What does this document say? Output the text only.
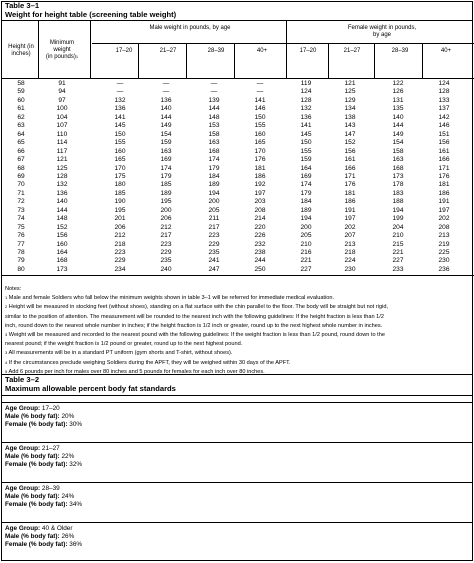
Table 3–1
Weight for height table (screening table weight)
Height (in
inches)
Minimum
weight
(in pounds)$^1$
Male weight in pounds, by age	Female weight in pounds,
by age
17–20	21–27	28–39	40+	17–20	21–27	28–39	40+
58	91	—	—	—	—	119	121	122	124
59	94	—	—	—	—	124	125	126	128
60	97	132	136	139	141	128	129	131	133
61	100	136	140	144	146	132	134	135	137
62	104	141	144	148	150	136	138	140	142
63	107	145	149	153	155	141	143	144	146
64	110	150	154	158	160	145	147	149	151
65	114	155	159	163	165	150	152	154	156
66	117	160	163	168	170	155	156	158	161
67	121	165	169	174	176	159	161	163	166
68	125	170	174	179	181	164	166	168	171
69	128	175	179	184	186	169	171	173	176
70	132	180	185	189	192	174	176	178	181
71	136	185	189	194	197	179	181	183	186
72	140	190	195	200	203	184	186	188	191
73	144	195	200	205	208	189	191	194	197
74	148	201	206	211	214	194	197	199	202
75	152	206	212	217	220	200	202	204	208
76	156	212	217	223	226	205	207	210	213
77	160	218	223	229	232	210	213	215	219
78	164	223	229	235	238	216	218	221	225
79	168	229	235	241	244	221	224	227	230
80	173	234	240	247	250	227	230	233	236
Notes:
$^1$ Male and female Soldiers who fall below the minimum weights shown in table 3–1 will be referred for immediate medical evaluation.
$^2$ Height will be measured in stocking feet (without shoes), standing on a flat surface with the chin parallel to the floor. The body will be straight but not rigid,
similar to the position of attention. The measurement will be rounded to the nearest inch with the following guidelines: If the height fraction is less than 1/2
inch, round down to the nearest whole number in inches; if the height fraction is 1/2 inch or greater, round up to the next highest whole number in inches.
$^3$ Weight will be measured and recorded to the nearest pound with the following guidelines: If the weight fraction is less than 1/2 pound, round down to the
nearest pound; if the weight fraction is 1/2 pound or greater, round up to the next highest pound.
$^3$ All measurements will be in a standard PT uniform (gym shorts and T-shirt, without shoes).
$^4$ If the circumstances preclude weighing Soldiers during the APFT, they will be weighed within 30 days of the APFT.
$^5$ Add 6 pounds per inch for males over 80 inches and 5 pounds for females for each inch over 80 inches.
Table 3–2
Maximum allowable percent body fat standards
Age Group: 17–20
Male (% body fat): 20%
Female (% body fat): 30%
Age Group: 21–27
Male (% body fat): 22%
Female (% body fat): 32%
Age Group: 28–39
Male (% body fat): 24%
Female (% body fat): 34%
Age Group: 40 & Older
Male (% body fat): 26%
Female (% body fat): 36%
